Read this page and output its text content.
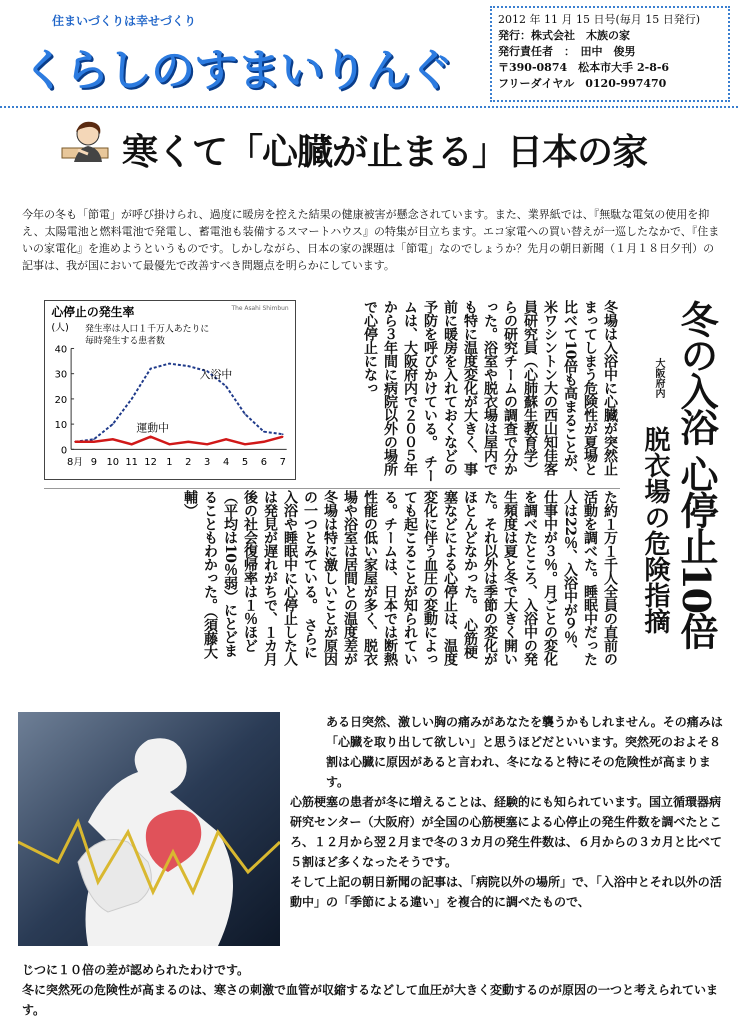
住まいづくりは幸せづくり
くらしのすまいりんぐ
2012 年 11 月 15 日号(毎月 15 日発行)
発行：株式会社　木族の家
発行責任者　：　田中　俊男
〒390-0874　松本市大手 2-8-6
フリーダイヤル　0120-997470
寒くて「心臓が止まる」日本の家
今年の冬も「節電」が呼び掛けられ、過度に暖房を控えた結果の健康被害が懸念されています。また、業界紙では、『無駄な電気の使用を抑え、太陽電池と燃料電池で発電し、蓄電池も装備するスマートハウス』の特集が目立ちます。エコ家電への買い替えが一巡したなかで、『住まいの家電化』を進めようというものです。しかしながら、日本の家の課題は「節電」なのでしょうか？先月の朝日新聞（１月１８日夕刊）の記事は、我が国において最優先で改善すべき問題点を明らかにしています。
心停止の発生率	The Asahi Shimbun
(人) 発生率は人口１千万人あたりに
毎時発生する患者数
40
30
20
10
0
8月 9 10 11 12 1 2 3 4 5 6 7
入浴中
運動中	冬場は入浴中に心臓が突然止まってしまう危険性が夏場と比べて10倍も高まることが、米ワシントン大の西山知佳客員研究員（心肺蘇生教育学）らの研究チームの調査で分かった。浴室や脱衣場は屋内でも特に温度変化が大きく、事前に暖房を入れておくなどの予防を呼びかけている。　チームは、大阪府内で２００５年から３年間に病院以外の場所で心停止になっ
た約１万１千人全員の直前の活動を調べた。睡眠中だった人は22％、入浴中が９％、仕事中が３％。月ごとの変化を調べたところ、入浴中の発生頻度は夏と冬で大きく開いた。それ以外は季節の変化がほとんどなかった。　心筋梗塞などによる心停止は、温度変化に伴う血圧の変動によっても起こることが知られている。チームは、日本では断熱性能の低い家屋が多く、脱衣場や浴室は居間との温度差が冬場は特に激しいことが原因の一つとみている。　さらに入浴や睡眠中に心停止した人は発見が遅れがちで、１カ月後の社会復帰率は１％ほど（平均は10％弱）にとどまることもわかった。（須藤大輔）	冬の入浴 心停止10倍
大阪府内
脱衣場の危険指摘

ある日突然、激しい胸の痛みがあなたを襲うかもしれません。その痛みは「心臓を取り出して欲しい」と思うほどだといいます。突然死のおよそ８割は心臓に原因があると言われ、冬になると特にその危険性が高まります。

心筋梗塞の患者が冬に増えることは、経験的にも知られています。国立循環器病研究センター（大阪府）が全国の心筋梗塞による心停止の発生件数を調べたところ、１２月から翌２月まで冬の３カ月の発生件数は、６月からの３カ月と比べて５割ほど多くなったそうです。

そして上記の朝日新聞の記事は、「病院以外の場所」で、「入浴中とそれ以外の活動中」の「季節による違い」を複合的に調べたもので、

じつに１０倍の差が認められたわけです。

冬に突然死の危険性が高まるのは、寒さの刺激で血管が収縮するなどして血圧が大きく変動するのが原因の一つと考えられています。
